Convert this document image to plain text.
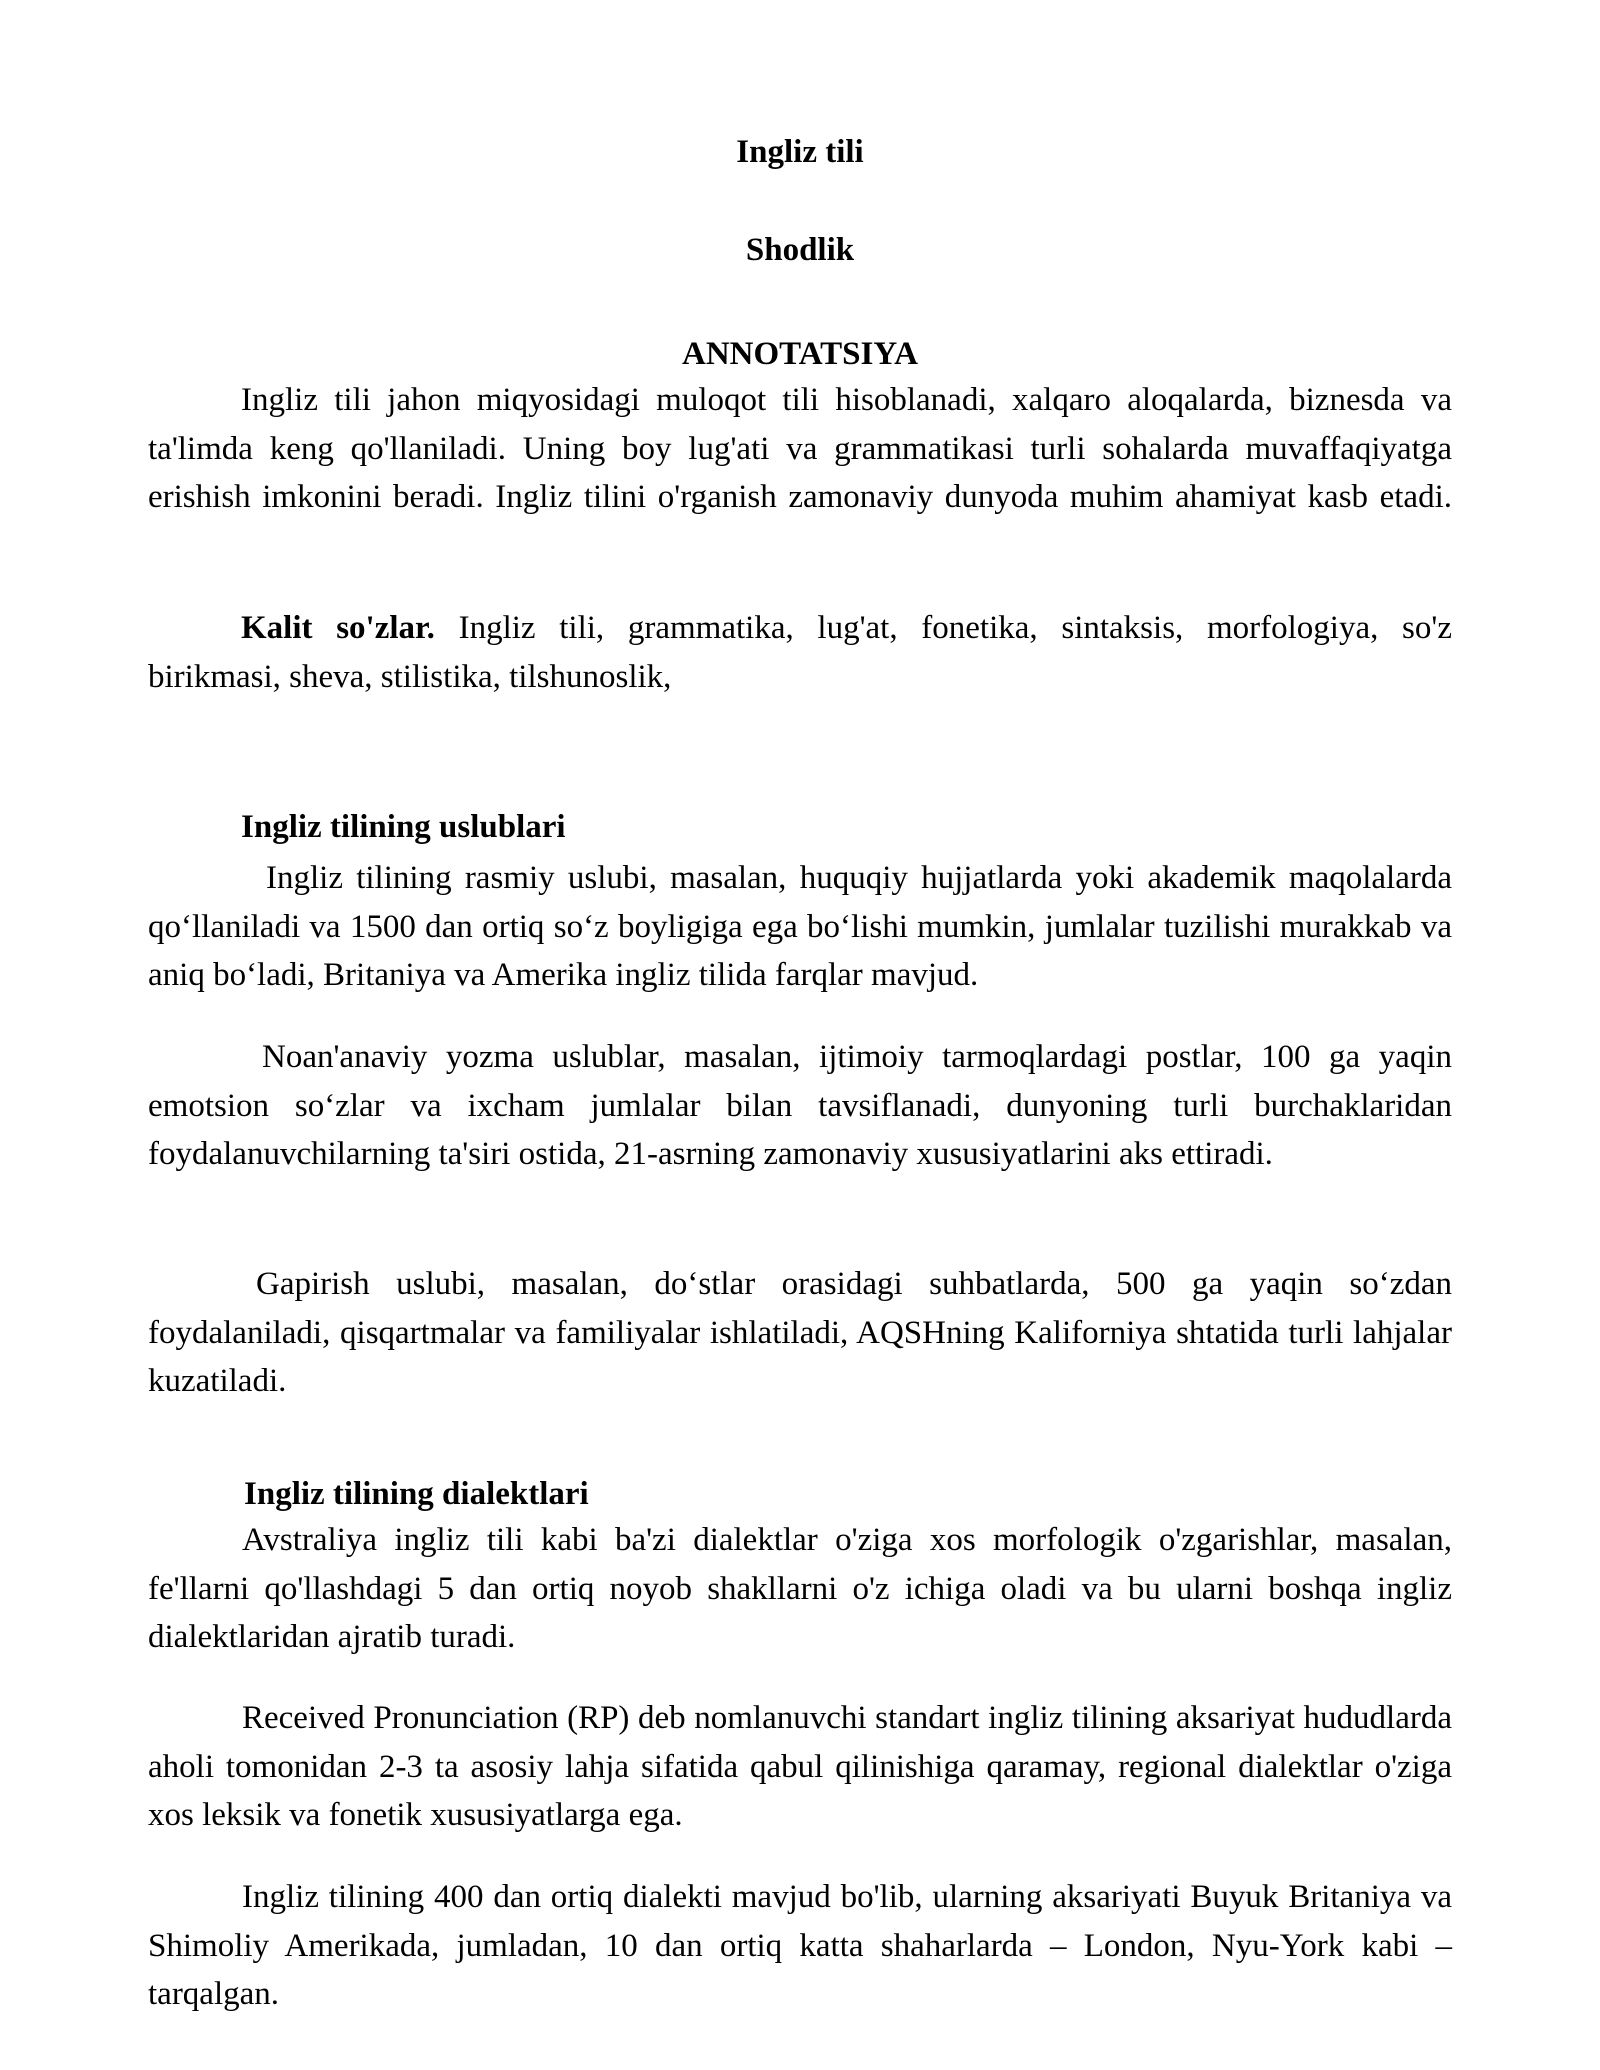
Ingliz tili
Shodlik
ANNOTATSIYA

Ingliz tili jahon miqyosidagi muloqot tili hisoblanadi, xalqaro aloqalarda, biznesda va ta'limda keng qo'llaniladi. Uning boy lug'ati va grammatikasi turli sohalarda muvaffaqiyatga erishish imkonini beradi. Ingliz tilini o'rganish zamonaviy dunyoda muhim ahamiyat kasb etadi.

Kalit so'zlar. Ingliz tili, grammatika, lug'at, fonetika, sintaksis, morfologiya, so'z birikmasi, sheva, stilistika, tilshunoslik,

Ingliz tilining uslublari

Ingliz tilining rasmiy uslubi, masalan, huquqiy hujjatlarda yoki akademik maqolalarda qo‘llaniladi va 1500 dan ortiq so‘z boyligiga ega bo‘lishi mumkin, jumlalar tuzilishi murakkab va aniq bo‘ladi, Britaniya va Amerika ingliz tilida farqlar mavjud.

Noan'anaviy yozma uslublar, masalan, ijtimoiy tarmoqlardagi postlar, 100 ga yaqin emotsion so‘zlar va ixcham jumlalar bilan tavsiflanadi, dunyoning turli burchaklaridan foydalanuvchilarning ta'siri ostida, 21-asrning zamonaviy xususiyatlarini aks ettiradi.

Gapirish uslubi, masalan, do‘stlar orasidagi suhbatlarda, 500 ga yaqin so‘zdan foydalaniladi, qisqartmalar va familiyalar ishlatiladi, AQSHning Kaliforniya shtatida turli lahjalar kuzatiladi.

Ingliz tilining dialektlari

Avstraliya ingliz tili kabi ba'zi dialektlar o'ziga xos morfologik o'zgarishlar, masalan, fe'llarni qo'llashdagi 5 dan ortiq noyob shakllarni o'z ichiga oladi va bu ularni boshqa ingliz dialektlaridan ajratib turadi.

Received Pronunciation (RP) deb nomlanuvchi standart ingliz tilining aksariyat hududlarda aholi tomonidan 2-3 ta asosiy lahja sifatida qabul qilinishiga qaramay, regional dialektlar o'ziga xos leksik va fonetik xususiyatlarga ega.

Ingliz tilining 400 dan ortiq dialekti mavjud bo'lib, ularning aksariyati Buyuk Britaniya va Shimoliy Amerikada, jumladan, 10 dan ortiq katta shaharlarda – London, Nyu-York kabi – tarqalgan.
